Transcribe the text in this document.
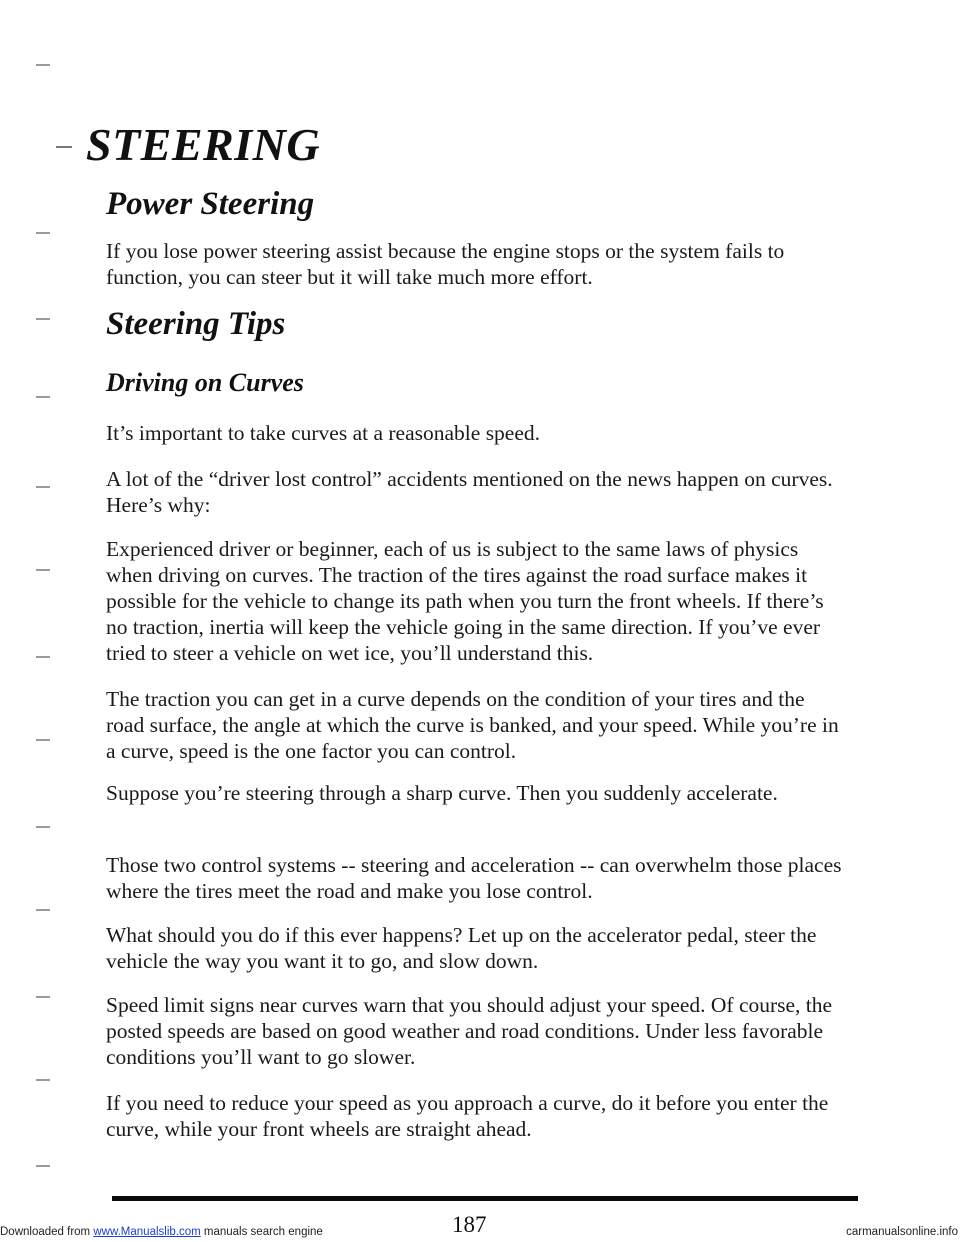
STEERING
Power Steering

If you lose power steering assist because the engine stops or the system fails to function, you can steer but it will take much more effort.

Steering Tips
Driving on Curves

It’s important to take curves at a reasonable speed.

A lot of the “driver lost control” accidents mentioned on the news happen on curves. Here’s why:

Experienced driver or beginner, each of us is subject to the same laws of physics when driving on curves. The traction of the tires against the road surface makes it possible for the vehicle to change its path when you turn the front wheels. If there’s no traction, inertia will keep the vehicle going in the same direction. If you’ve ever tried to steer a vehicle on wet ice, you’ll understand this.

The traction you can get in a curve depends on the condition of your tires and the road surface, the angle at which the curve is banked, and your speed. While you’re in a curve, speed is the one factor you can control.

Suppose you’re steering through a sharp curve. Then you suddenly accelerate.

Those two control systems -- steering and acceleration -- can overwhelm those places where the tires meet the road and make you lose control.

What should you do if this ever happens? Let up on the accelerator pedal, steer the vehicle the way you want it to go, and slow down.

Speed limit signs near curves warn that you should adjust your speed. Of course, the posted speeds are based on good weather and road conditions. Under less favorable conditions you’ll want to go slower.

If you need to reduce your speed as you approach a curve, do it before you enter the curve, while your front wheels are straight ahead.

187
Downloaded from www.Manualslib.com manuals search engine	carmanualsonline.info
